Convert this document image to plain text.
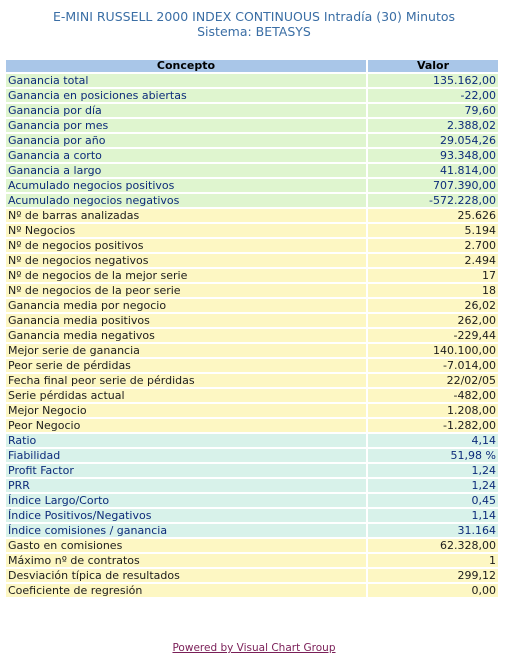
E-MINI RUSSELL 2000 INDEX CONTINUOUS Intradía (30) Minutos
Sistema: BETASYS
Concepto	Valor
Ganancia total	135.162,00
Ganancia en posiciones abiertas	-22,00
Ganancia por día	79,60
Ganancia por mes	2.388,02
Ganancia por año	29.054,26
Ganancia a corto	93.348,00
Ganancia a largo	41.814,00
Acumulado negocios positivos	707.390,00
Acumulado negocios negativos	-572.228,00
Nº de barras analizadas	25.626
Nº Negocios	5.194
Nº de negocios positivos	2.700
Nº de negocios negativos	2.494
Nº de negocios de la mejor serie	17
Nº de negocios de la peor serie	18
Ganancia media por negocio	26,02
Ganancia media positivos	262,00
Ganancia media negativos	-229,44
Mejor serie de ganancia	140.100,00
Peor serie de pérdidas	-7.014,00
Fecha final peor serie de pérdidas	22/02/05
Serie pérdidas actual	-482,00
Mejor Negocio	1.208,00
Peor Negocio	-1.282,00
Ratio	4,14
Fiabilidad	51,98 %
Profit Factor	1,24
PRR	1,24
Índice Largo/Corto	0,45
Índice Positivos/Negativos	1,14
Índice comisiones / ganancia	31.164
Gasto en comisiones	62.328,00
Máximo nº de contratos	1
Desviación típica de resultados	299,12
Coeficiente de regresión	0,00
Powered by Visual Chart Group
